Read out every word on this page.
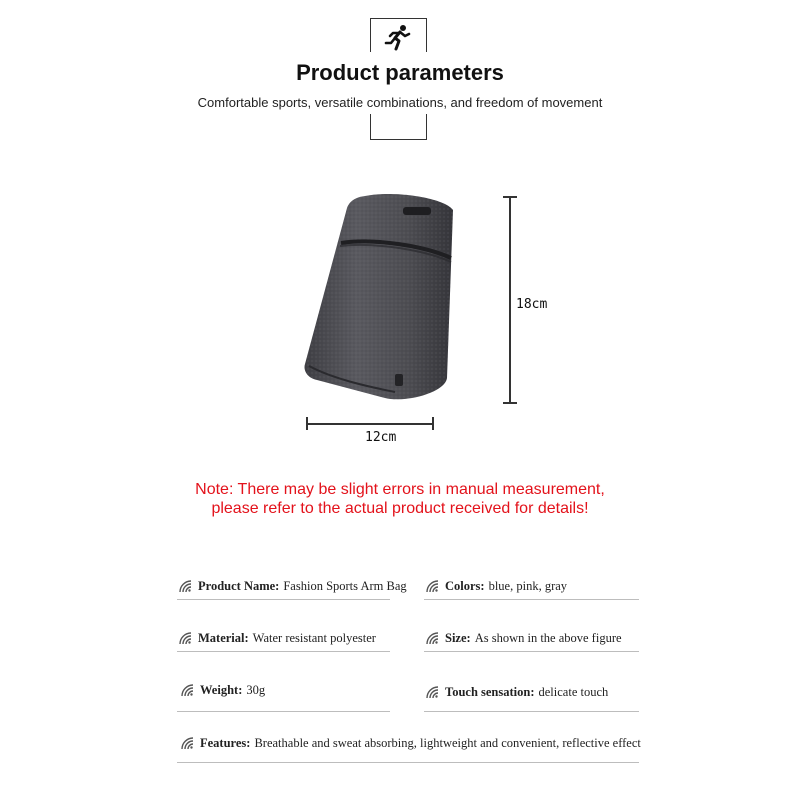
Product parameters
Comfortable sports, versatile combinations, and freedom of movement
18cm
12cm
Note: There may be slight errors in manual measurement,
please refer to the actual product received for details!
Product Name: Fashion Sports Arm Bag	Colors: blue, pink, gray
Material: Water resistant polyester	Size: As shown in the above figure
Weight: 30g	Touch sensation: delicate touch
Features: Breathable and sweat absorbing, lightweight and convenient, reflective effect
